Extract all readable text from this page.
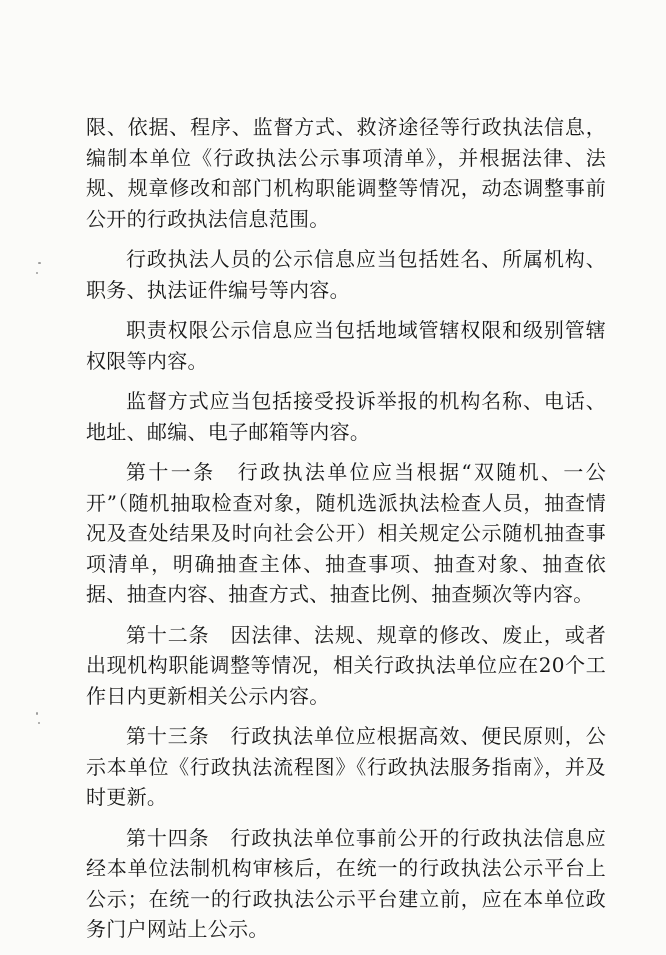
限、依据、程序、监督方式、救济途径等行政执法信息，编制本单位《行政执法公示事项清单》，并根据法律、法规、规章修改和部门机构职能调整等情况，动态调整事前公开的行政执法信息范围。

行政执法人员的公示信息应当包括姓名、所属机构、职务、执法证件编号等内容。

职责权限公示信息应当包括地域管辖权限和级别管辖权限等内容。

监督方式应当包括接受投诉举报的机构名称、电话、地址、邮编、电子邮箱等内容。

第十一条　行政执法单位应当根据“双随机、一公开”（随机抽取检查对象，随机选派执法检查人员，抽查情况及查处结果及时向社会公开）相关规定公示随机抽查事项清单，明确抽查主体、抽查事项、抽查对象、抽查依据、抽查内容、抽查方式、抽查比例、抽查频次等内容。

第十二条　因法律、法规、规章的修改、废止，或者出现机构职能调整等情况，相关行政执法单位应在20个工作日内更新相关公示内容。

第十三条　行政执法单位应根据高效、便民原则，公示本单位《行政执法流程图》《行政执法服务指南》，并及时更新。

第十四条　行政执法单位事前公开的行政执法信息应经本单位法制机构审核后，在统一的行政执法公示平台上公示；在统一的行政执法公示平台建立前，应在本单位政务门户网站上公示。
